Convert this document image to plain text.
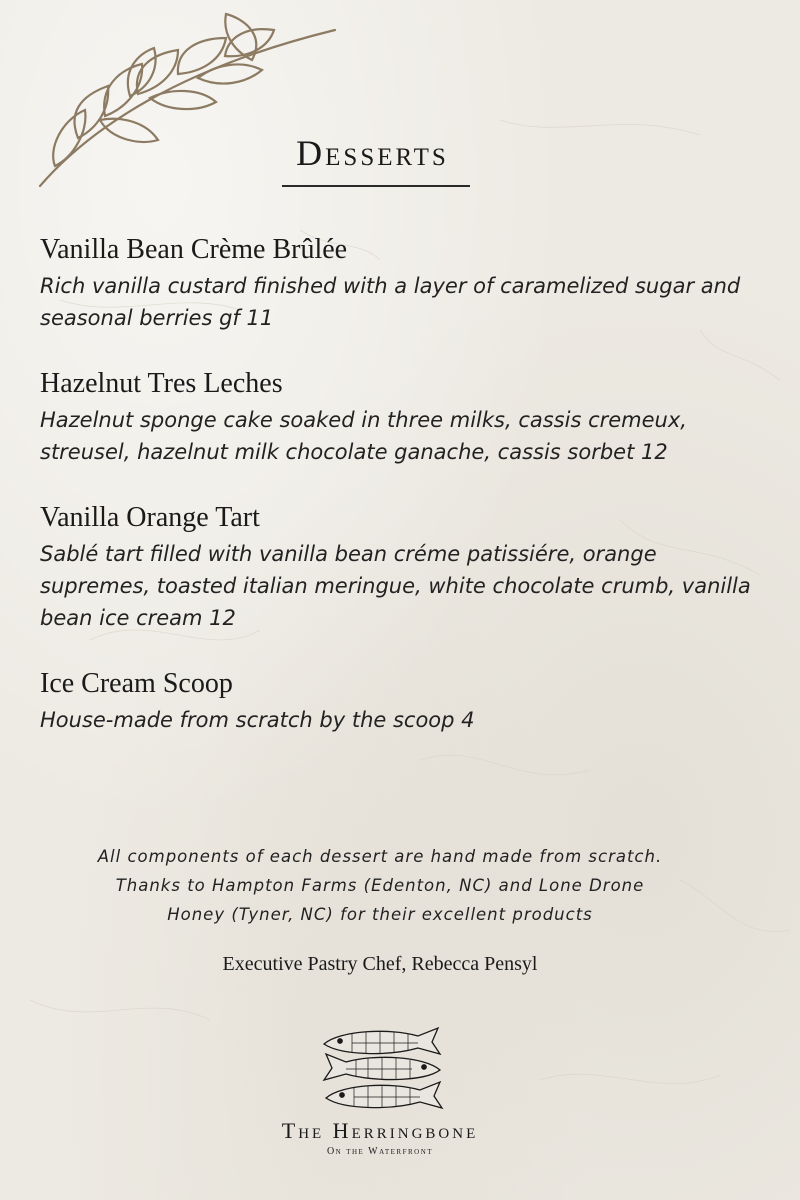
Desserts
Vanilla Bean Crème Brûlée
Rich vanilla custard finished with a layer of caramelized sugar and seasonal berries gf 11
Hazelnut Tres Leches
Hazelnut sponge cake soaked in three milks, cassis cremeux, streusel, hazelnut milk chocolate ganache, cassis sorbet 12
Vanilla Orange Tart
Sablé tart filled with vanilla bean créme patissiére, orange supremes, toasted italian meringue, white chocolate crumb, vanilla bean ice cream 12
Ice Cream Scoop
House-made from scratch by the scoop 4
All components of each dessert are hand made from scratch.
Thanks to Hampton Farms (Edenton, NC) and Lone Drone
Honey (Tyner, NC) for their excellent products
Executive Pastry Chef, Rebecca Pensyl
The Herringbone
On the Waterfront
